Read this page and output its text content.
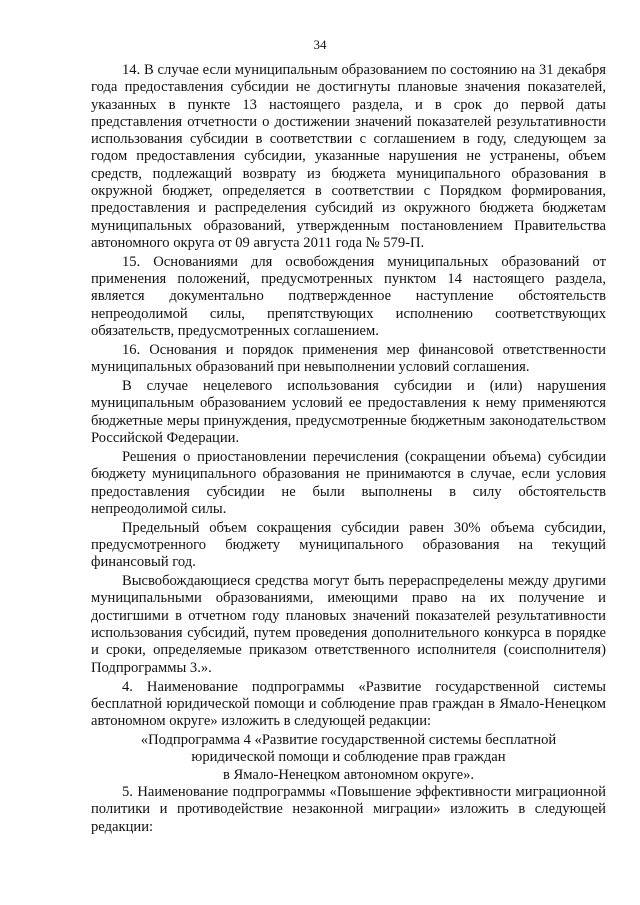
34

14. В случае если муниципальным образованием по состоянию на 31 декабря года предоставления субсидии не достигнуты плановые значения показателей, указанных в пункте 13 настоящего раздела, и в срок до первой даты представления отчетности о достижении значений показателей результативности использования субсидии в соответствии с соглашением в году, следующем за годом предоставления субсидии, указанные нарушения не устранены, объем средств, подлежащий возврату из бюджета муниципального образования в окружной бюджет, определяется в соответствии с Порядком формирования, предоставления и распределения субсидий из окружного бюджета бюджетам муниципальных образований, утвержденным постановлением Правительства автономного округа от 09 августа 2011 года № 579-П.

15. Основаниями для освобождения муниципальных образований от применения положений, предусмотренных пунктом 14 настоящего раздела, является документально подтвержденное наступление обстоятельств непреодолимой силы, препятствующих исполнению соответствующих обязательств, предусмотренных соглашением.

16. Основания и порядок применения мер финансовой ответственности муниципальных образований при невыполнении условий соглашения.

В случае нецелевого использования субсидии и (или) нарушения муниципальным образованием условий ее предоставления к нему применяются бюджетные меры принуждения, предусмотренные бюджетным законодательством Российской Федерации.

Решения о приостановлении перечисления (сокращении объема) субсидии бюджету муниципального образования не принимаются в случае, если условия предоставления субсидии не были выполнены в силу обстоятельств непреодолимой силы.

Предельный объем сокращения субсидии равен 30% объема субсидии, предусмотренного бюджету муниципального образования на текущий финансовый год.

Высвобождающиеся средства могут быть перераспределены между другими муниципальными образованиями, имеющими право на их получение и достигшими в отчетном году плановых значений показателей результативности использования субсидий, путем проведения дополнительного конкурса в порядке и сроки, определяемые приказом ответственного исполнителя (соисполнителя) Подпрограммы 3.».

4. Наименование подпрограммы «Развитие государственной системы бесплатной юридической помощи и соблюдение прав граждан в Ямало-Ненецком автономном округе» изложить в следующей редакции:

«Подпрограмма 4 «Развитие государственной системы бесплатной

юридической помощи и соблюдение прав граждан

в Ямало-Ненецком автономном округе».

5. Наименование подпрограммы «Повышение эффективности миграционной политики и противодействие незаконной миграции» изложить в следующей редакции:
